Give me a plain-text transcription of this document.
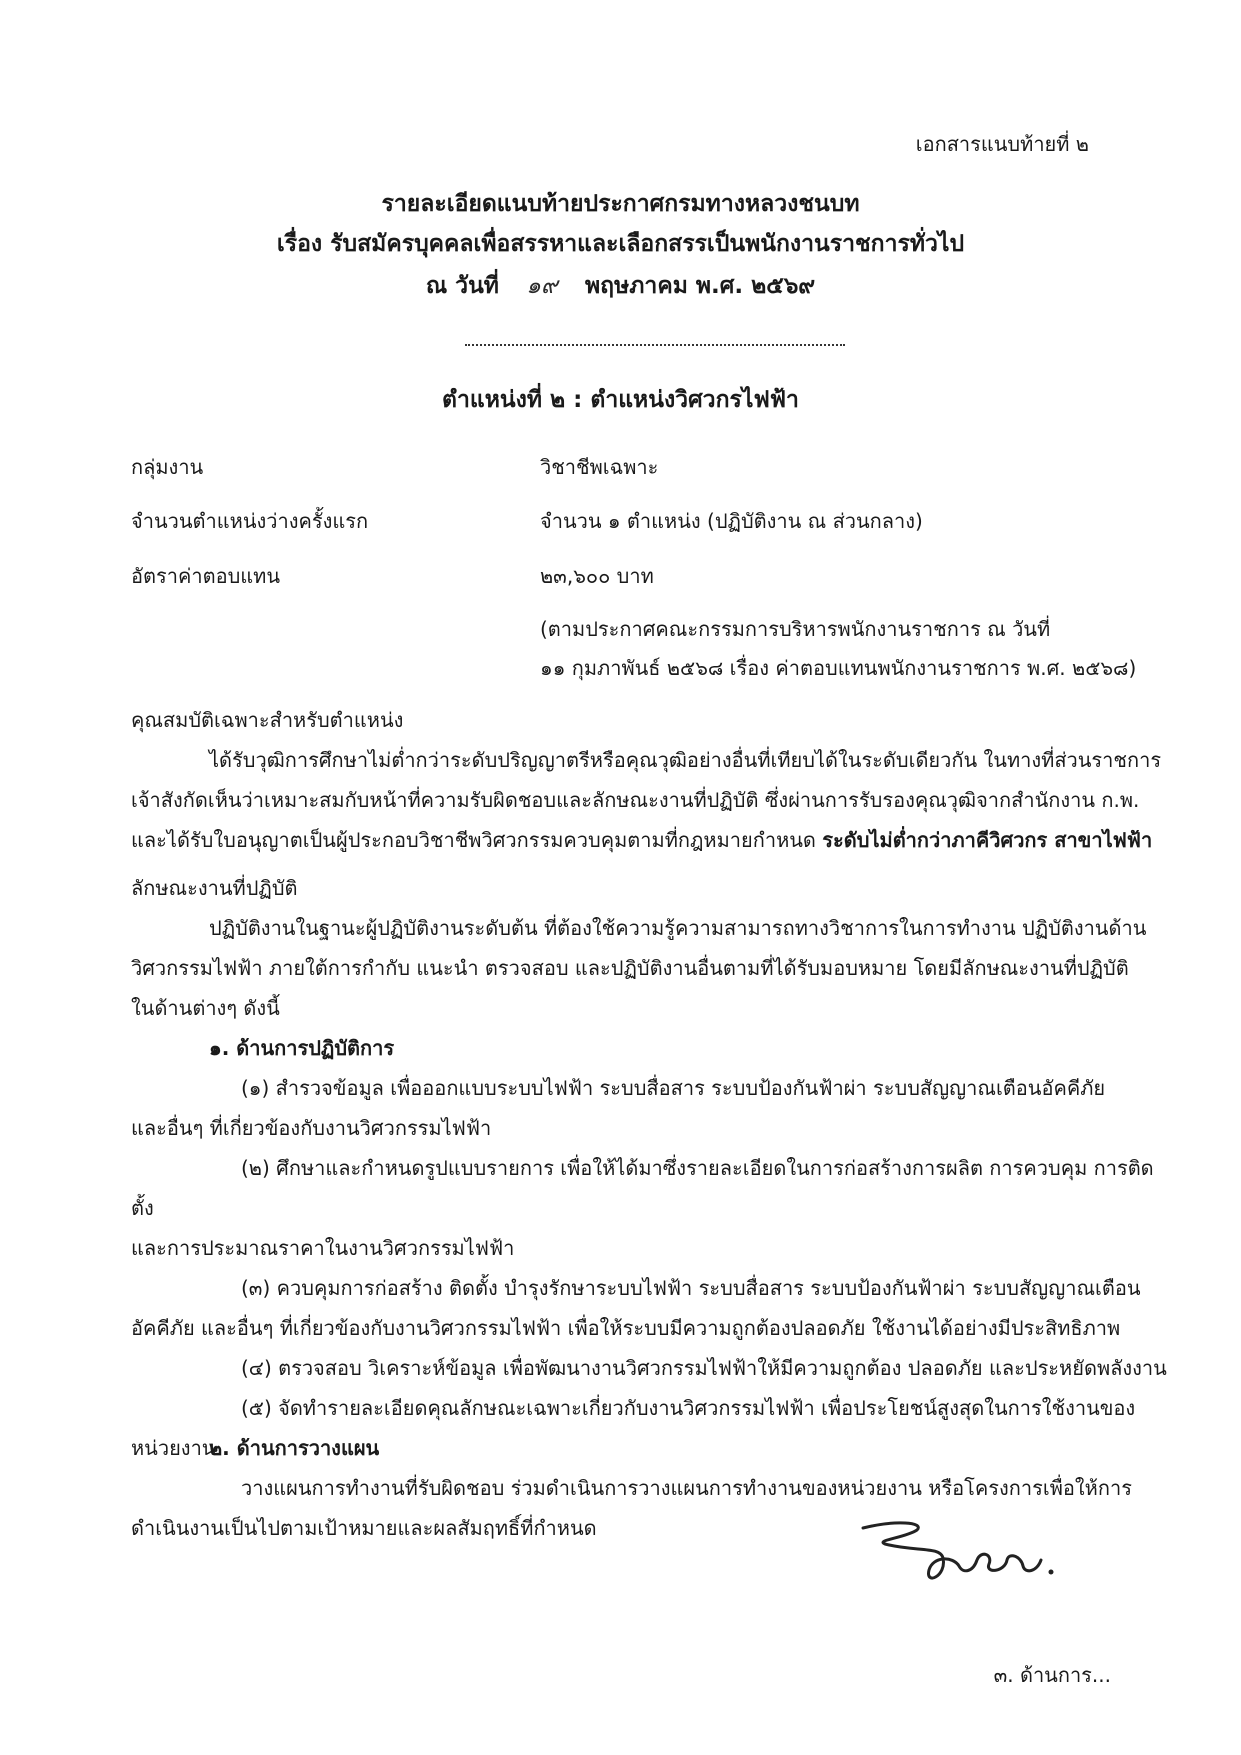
เอกสารแนบท้ายที่ ๒
รายละเอียดแนบท้ายประกาศกรมทางหลวงชนบท
เรื่อง รับสมัครบุคคลเพื่อสรรหาและเลือกสรรเป็นพนักงานราชการทั่วไป
ณ วันที่ ๑๙ พฤษภาคม พ.ศ. ๒๕๖๙
ตำแหน่งที่ ๒ : ตำแหน่งวิศวกรไฟฟ้า
กลุ่มงาน	วิชาชีพเฉพาะ
จำนวนตำแหน่งว่างครั้งแรก	จำนวน ๑ ตำแหน่ง (ปฏิบัติงาน ณ ส่วนกลาง)
อัตราค่าตอบแทน	๒๓,๖๐๐ บาท
(ตามประกาศคณะกรรมการบริหารพนักงานราชการ ณ วันที่
๑๑ กุมภาพันธ์ ๒๕๖๘ เรื่อง ค่าตอบแทนพนักงานราชการ พ.ศ. ๒๕๖๘)

คุณสมบัติเฉพาะสำหรับตำแหน่ง

ได้รับวุฒิการศึกษาไม่ต่ำกว่าระดับปริญญาตรีหรือคุณวุฒิอย่างอื่นที่เทียบได้ในระดับเดียวกัน ในทางที่ส่วนราชการ

เจ้าสังกัดเห็นว่าเหมาะสมกับหน้าที่ความรับผิดชอบและลักษณะงานที่ปฏิบัติ ซึ่งผ่านการรับรองคุณวุฒิจากสำนักงาน ก.พ.

และได้รับใบอนุญาตเป็นผู้ประกอบวิชาชีพวิศวกรรมควบคุมตามที่กฎหมายกำหนด ระดับไม่ต่ำกว่าภาคีวิศวกร สาขาไฟฟ้า

ลักษณะงานที่ปฏิบัติ

ปฏิบัติงานในฐานะผู้ปฏิบัติงานระดับต้น ที่ต้องใช้ความรู้ความสามารถทางวิชาการในการทำงาน ปฏิบัติงานด้าน

วิศวกรรมไฟฟ้า ภายใต้การกำกับ แนะนำ ตรวจสอบ และปฏิบัติงานอื่นตามที่ได้รับมอบหมาย โดยมีลักษณะงานที่ปฏิบัติ

ในด้านต่างๆ ดังนี้

๑. ด้านการปฏิบัติการ

(๑) สำรวจข้อมูล เพื่อออกแบบระบบไฟฟ้า ระบบสื่อสาร ระบบป้องกันฟ้าผ่า ระบบสัญญาณเตือนอัคคีภัย

และอื่นๆ ที่เกี่ยวข้องกับงานวิศวกรรมไฟฟ้า

(๒) ศึกษาและกำหนดรูปแบบรายการ เพื่อให้ได้มาซึ่งรายละเอียดในการก่อสร้างการผลิต การควบคุม การติดตั้ง

และการประมาณราคาในงานวิศวกรรมไฟฟ้า

(๓) ควบคุมการก่อสร้าง ติดตั้ง บำรุงรักษาระบบไฟฟ้า ระบบสื่อสาร ระบบป้องกันฟ้าผ่า ระบบสัญญาณเตือน

อัคคีภัย และอื่นๆ ที่เกี่ยวข้องกับงานวิศวกรรมไฟฟ้า เพื่อให้ระบบมีความถูกต้องปลอดภัย ใช้งานได้อย่างมีประสิทธิภาพ

(๔) ตรวจสอบ วิเคราะห์ข้อมูล เพื่อพัฒนางานวิศวกรรมไฟฟ้าให้มีความถูกต้อง ปลอดภัย และประหยัดพลังงาน

(๕) จัดทำรายละเอียดคุณลักษณะเฉพาะเกี่ยวกับงานวิศวกรรมไฟฟ้า เพื่อประโยชน์สูงสุดในการใช้งานของ

หน่วยงาน

๒. ด้านการวางแผน

วางแผนการทำงานที่รับผิดชอบ ร่วมดำเนินการวางแผนการทำงานของหน่วยงาน หรือโครงการเพื่อให้การ

ดำเนินงานเป็นไปตามเป้าหมายและผลสัมฤทธิ์ที่กำหนด

๓. ด้านการ...
